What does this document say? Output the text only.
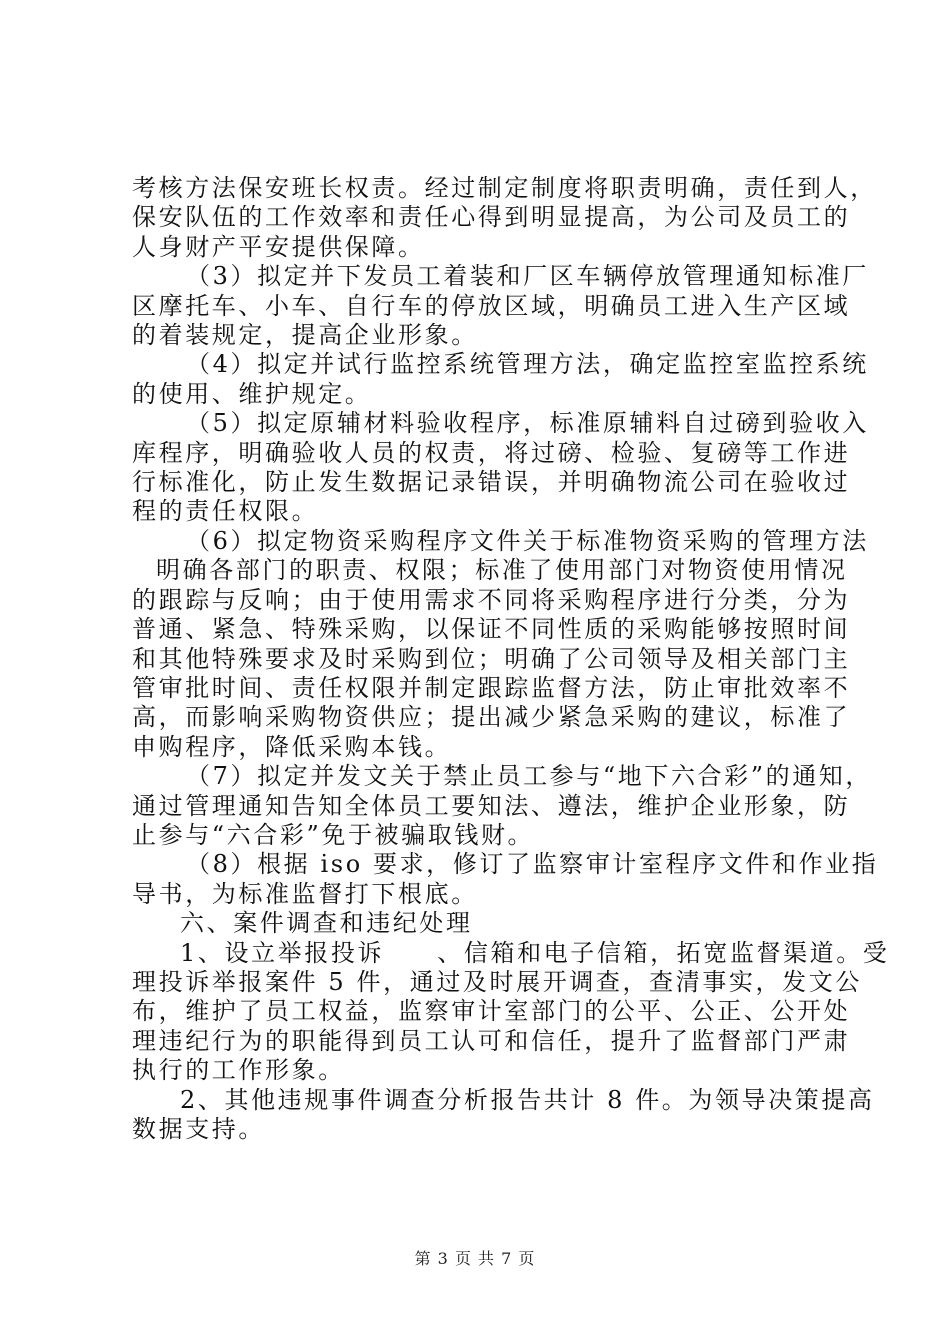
考核方法保安班长权责。经过制定制度将职责明确，责任到人，
保安队伍的工作效率和责任心得到明显提高，为公司及员工的
人身财产平安提供保障。
（3）拟定并下发员工着装和厂区车辆停放管理通知标准厂
区摩托车、小车、自行车的停放区域，明确员工进入生产区域
的着装规定，提高企业形象。
（4）拟定并试行监控系统管理方法，确定监控室监控系统
的使用、维护规定。
（5）拟定原辅材料验收程序，标准原辅料自过磅到验收入
库程序，明确验收人员的权责，将过磅、检验、复磅等工作进
行标准化，防止发生数据记录错误，并明确物流公司在验收过
程的责任权限。
（6）拟定物资采购程序文件关于标准物资采购的管理方法
明确各部门的职责、权限；标准了使用部门对物资使用情况
的跟踪与反响；由于使用需求不同将采购程序进行分类，分为
普通、紧急、特殊采购，以保证不同性质的采购能够按照时间
和其他特殊要求及时采购到位；明确了公司领导及相关部门主
管审批时间、责任权限并制定跟踪监督方法，防止审批效率不
高，而影响采购物资供应；提出减少紧急采购的建议，标准了
申购程序，降低采购本钱。
（7）拟定并发文关于禁止员工参与“地下六合彩”的通知，
通过管理通知告知全体员工要知法、遵法，维护企业形象，防
止参与“六合彩”免于被骗取钱财。
（8）根据 iso 要求，修订了监察审计室程序文件和作业指
导书，为标准监督打下根底。
六、案件调查和违纪处理
1、设立举报投诉　　、信箱和电子信箱，拓宽监督渠道。受
理投诉举报案件 5 件，通过及时展开调查，查清事实，发文公
布，维护了员工权益，监察审计室部门的公平、公正、公开处
理违纪行为的职能得到员工认可和信任，提升了监督部门严肃
执行的工作形象。
2、其他违规事件调查分析报告共计 8 件。为领导决策提高
数据支持。
第 3 页 共 7 页
